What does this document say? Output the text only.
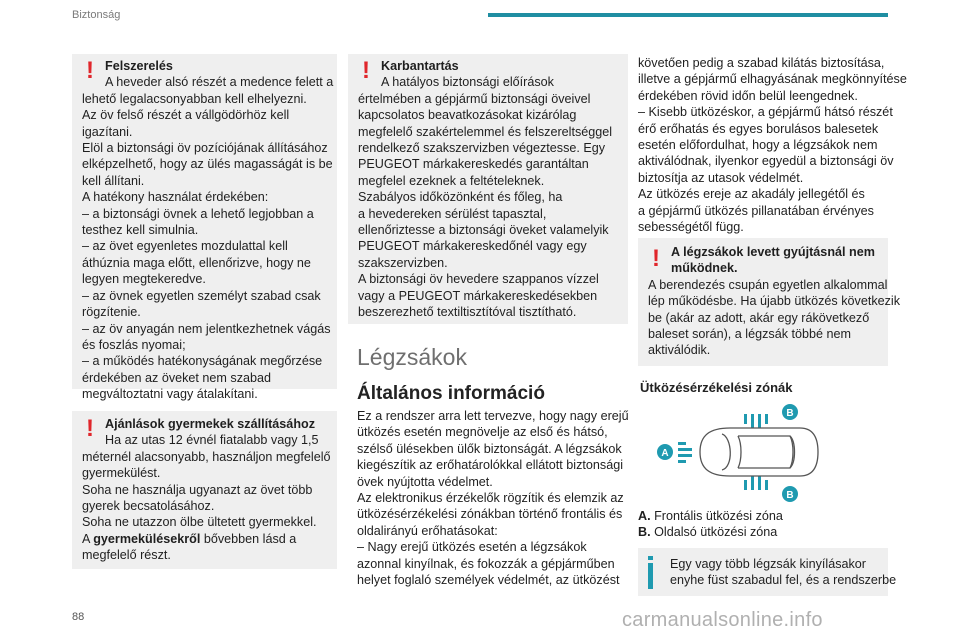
Biztonság
! Felszerelés
A heveder alsó részét a medence felett a
lehető legalacsonyabban kell elhelyezni.
Az öv felső részét a vállgödörhöz kell
igazítani.
Elöl a biztonsági öv pozíciójának állításához
elképzelhető, hogy az ülés magasságát is be
kell állítani.
A hatékony használat érdekében:
– a biztonsági övnek a lehető legjobban a
testhez kell simulnia.
– az övet egyenletes mozdulattal kell
áthúznia maga előtt, ellenőrizve, hogy ne
legyen megtekeredve.
– az övnek egyetlen személyt szabad csak
rögzítenie.
– az öv anyagán nem jelentkezhetnek vágás
és foszlás nyomai;
– a működés hatékonyságának megőrzése
érdekében az öveket nem szabad
megváltoztatni vagy átalakítani.
! Ajánlások gyermekek szállításához
Ha az utas 12 évnél fiatalabb vagy 1,5
méternél alacsonyabb, használjon megfelelő
gyermekülést.
Soha ne használja ugyanazt az övet több
gyerek becsatolásához.
Soha ne utazzon ölbe ültetett gyermekkel.
A gyermekülésekről bővebben lásd a
megfelelő részt.
! Karbantartás
A hatályos biztonsági előírások
értelmében a gépjármű biztonsági öveivel
kapcsolatos beavatkozásokat kizárólag
megfelelő szakértelemmel és felszereltséggel
rendelkező szakszervizben végeztesse. Egy
PEUGEOT márkakereskedés garantáltan
megfelel ezeknek a feltételeknek.
Szabályos időközönként és főleg, ha
a hevedereken sérülést tapasztal,
ellenőriztesse a biztonsági öveket valamelyik
PEUGEOT márkakereskedőnél vagy egy
szakszervizben.
A biztonsági öv hevedere szappanos vízzel
vagy a PEUGEOT márkakereskedésekben
beszerezhető textiltisztítóval tisztítható.
Légzsákok
Általános információ
Ez a rendszer arra lett tervezve, hogy nagy erejű
ütközés esetén megnövelje az első és hátsó,
szélső ülésekben ülők biztonságát. A légzsákok
kiegészítik az erőhatárolókkal ellátott biztonsági
övek nyújtotta védelmet.
Az elektronikus érzékelők rögzítik és elemzik az
ütközésérzékelési zónákban történő frontális és
oldalirányú erőhatásokat:
– Nagy erejű ütközés esetén a légzsákok
azonnal kinyílnak, és fokozzák a gépjárműben
helyet foglaló személyek védelmét, az ütközést
követően pedig a szabad kilátás biztosítása,
illetve a gépjármű elhagyásának megkönnyítése
érdekében rövid időn belül leengednek.
– Kisebb ütközéskor, a gépjármű hátsó részét
érő erőhatás és egyes borulásos balesetek
esetén előfordulhat, hogy a légzsákok nem
aktiválódnak, ilyenkor egyedül a biztonsági öv
biztosítja az utasok védelmét.
Az ütközés ereje az akadály jellegétől és
a gépjármű ütközés pillanatában érvényes
sebességétől függ.
! A légzsákok levett gyújtásnál nem
működnek.
A berendezés csupán egyetlen alkalommal
lép működésbe. Ha újabb ütközés következik
be (akár az adott, akár egy rákövetkező
baleset során), a légzsák többé nem
aktiválódik.
Ütközésérzékelési zónák
A
B
B
A. Frontális ütközési zóna
B. Oldalsó ütközési zóna
Egy vagy több légzsák kinyílásakor
enyhe füst szabadul fel, és a rendszerbe
88	carmanualsonline.info
